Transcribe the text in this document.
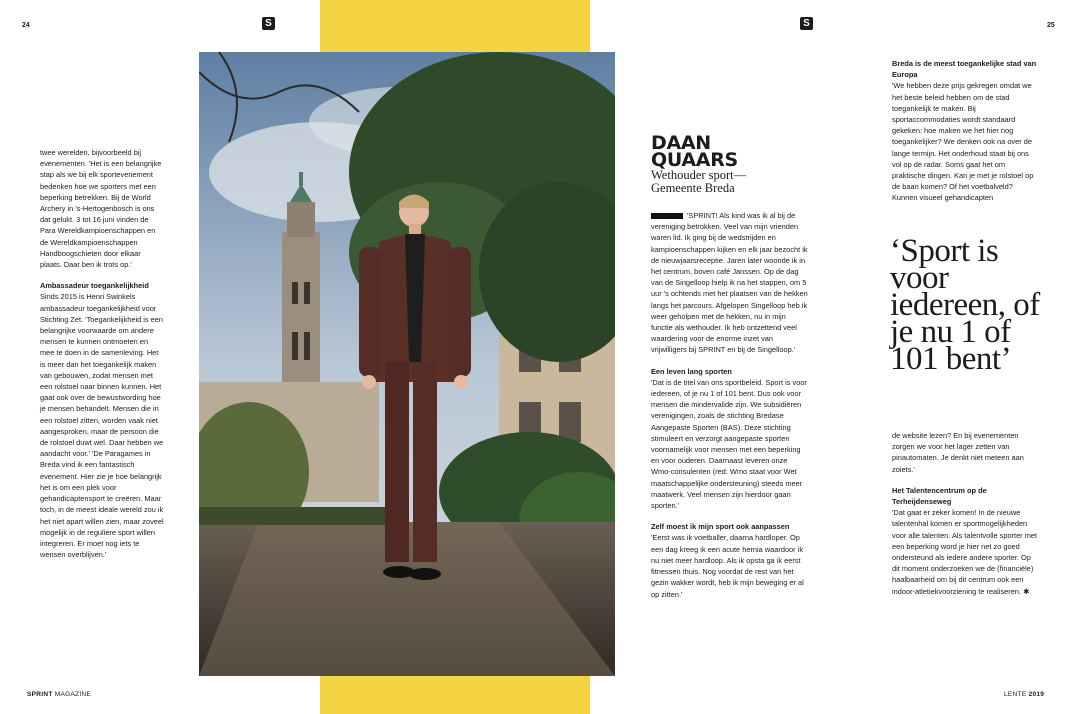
24	25
S	S

twee werelden, bijvoorbeeld bij evenementen. 'Het is een belangrijke stap als we bij elk sportevenement bedenken hoe we sporters met een beperking betrekken. Bij de World Archery in 's-Hertogenbosch is ons dat gelukt. 3 tot 16 juni vinden de Para Wereldkampioenschappen en de Wereldkampioenschappen Handboogschieten door elkaar plaats. Daar ben ik trots op.'

Ambassadeur toegankelijkheid

Sinds 2015 is Henri Swinkels ambassadeur toegankelijkheid voor Stichting Zet. 'Toegankelijkheid is een belangrijke voorwaarde om andere mensen te kunnen ontmoeten en mee te doen in de samenleving. Het is meer dan het toegankelijk maken van gebouwen, zodat mensen met een rolstoel naar binnen kunnen. Het gaat ook over de bewustwording hoe je mensen behandelt. Mensen die in een rolstoel zitten, worden vaak niet aangesproken, maar de persoon die de rolstoel duwt wel. Daar hebben we aandacht voor.' 'De Paragames in Breda vind ik een fantastisch evenement. Hier zie je hoe belangrijk het is om een plek voor gehandicaptensport te creëren. Maar toch, in de meest ideale wereld zou ik het niet apart willen zien, maar zoveel mogelijk in de reguliere sport willen integreren. Er moet nog iets te wensen overblijven.'

DAAN
QUAARS
Wethouder sport—
Gemeente Breda

'SPRINT! Als kind was ik al bij de vereniging betrokken. Veel van mijn vrienden waren lid. Ik ging bij de wedstrijden en kampioenschappen kijken en elk jaar bezocht ik de nieuwjaarsreceptie. Jaren later woonde ik in het centrum, boven café Janssen. Op de dag van de Singelloop hielp ik na het stappen, om 5 uur 's ochtends met het plaatsen van de hekken langs het parcours. Afgelopen Singelloop heb ik weer geholpen met de hekken, nu in mijn functie als wethouder. Ik heb ontzettend veel waardering voor de enorme inzet van vrijwilligers bij SPRINT en bij de Singelloop.'

Een leven lang sporten

'Dat is de titel van ons sportbeleid. Sport is voor iedereen, of je nu 1 of 101 bent. Dus ook voor mensen die mindervalide zijn. We subsidiëren verenigingen, zoals de stichting Bredase Aangepaste Sporten (BAS). Deze stichting stimuleert en verzorgt aangepaste sporten voornamelijk voor mensen met een beperking en voor ouderen. Daarnaast leveren onze Wmo-consulenten (red: Wmo staat voor Wet maatschappelijke ondersteuning) steeds meer maatwerk. Veel mensen zijn hierdoor gaan sporten.'

Zelf moest ik mijn sport ook aanpassen

'Eerst was ik voetballer, daarna hardloper. Op een dag kreeg ik een acute hernia waardoor ik nu niet meer hardloop. Als ik opsta ga ik eerst fitnessen thuis. Nog voordat de rest van het gezin wakker wordt, heb ik mijn beweging er al op zitten.'

Breda is de meest toegankelijke stad van Europa

'We hebben deze prijs gekregen omdat we het beste beleid hebben om de stad toegankelijk te maken. Bij sportaccommodaties wordt standaard gekeken: hoe maken we het hier nog toegankelijker? We denken ook na over de lange termijn. Het onderhoud staat bij ons vol op de radar. Soms gaat het om praktische dingen. Kan je met je rolstoel op de baan komen? Of het voetbalveld? Kunnen visueel gehandicapten

‘Sport is voor iedereen, of je nu 1 of 101 bent’

de website lezen? En bij evenementen zorgen we voor het lager zetten van pinautomaten. Je denkt niet meteen aan zoiets.'

Het Talentencentrum op de Terheijdenseweg

'Dat gaat er zeker komen! In de nieuwe talentenhal komen er sportmogelijkheden voor alle talenten. Als talentvolle sporter met een beperking word je hier net zo goed ondersteund als iedere andere sporter. Op dit moment onderzoeken we de (financiële) haalbaarheid om bij dit centrum ook een indoor-atletiekvoorziening te realiseren. ✱

SPRINT MAGAZINE	LENTE 2019
